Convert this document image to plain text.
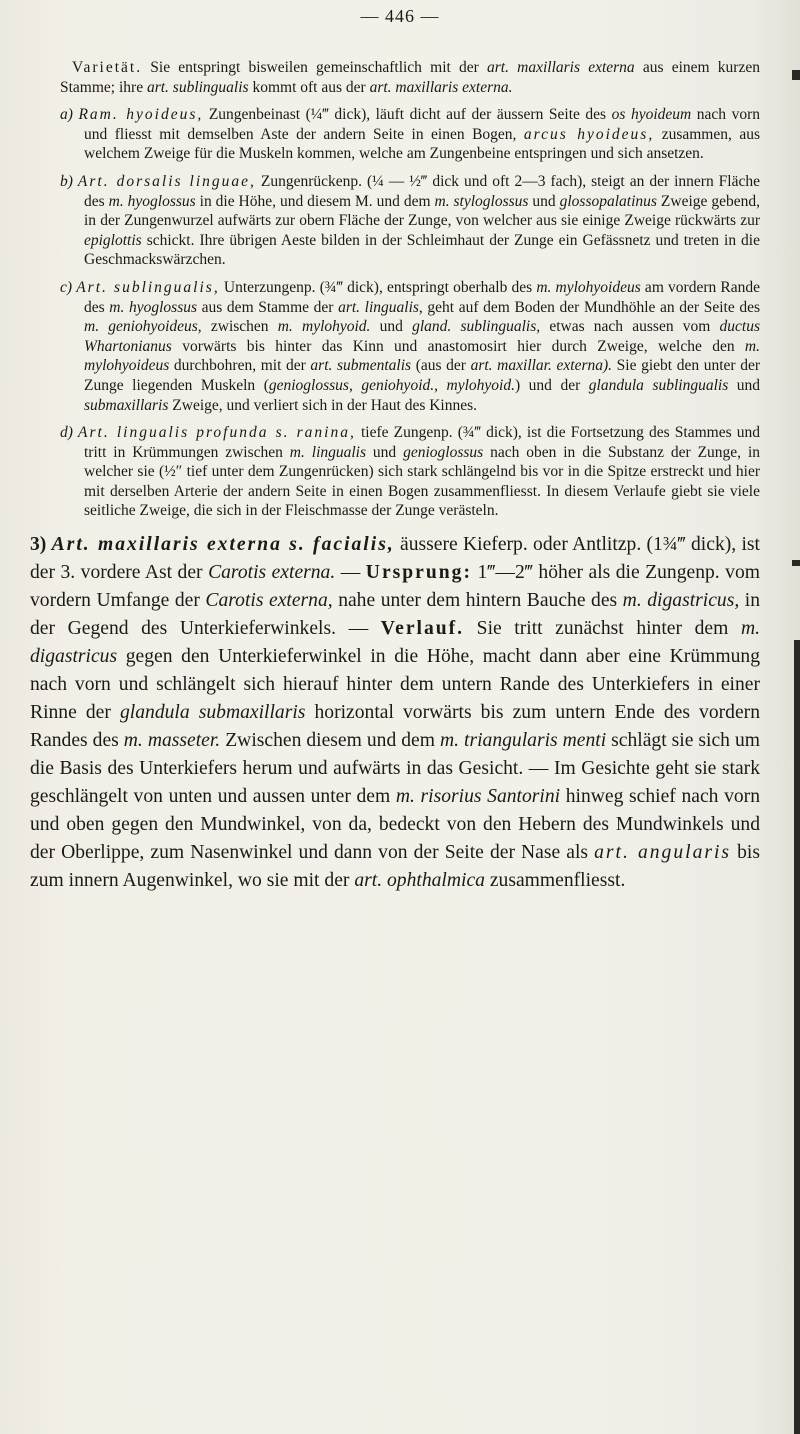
— 446 —

Varietät. Sie entspringt bisweilen gemeinschaftlich mit der art. maxillaris externa aus einem kurzen Stamme; ihre art. sublingualis kommt oft aus der art. maxillaris externa.

a) Ram. hyoideus, Zungenbeinast (¼‴ dick), läuft dicht auf der äussern Seite des os hyoideum nach vorn und fliesst mit demselben Aste der andern Seite in einen Bogen, arcus hyoideus, zusammen, aus welchem Zweige für die Muskeln kommen, welche am Zungenbeine entspringen und sich ansetzen.

b) Art. dorsalis linguae, Zungenrückenp. (¼ — ½‴ dick und oft 2—3 fach), steigt an der innern Fläche des m. hyoglossus in die Höhe, und diesem M. und dem m. styloglossus und glossopalatinus Zweige gebend, in der Zungenwurzel aufwärts zur obern Fläche der Zunge, von welcher aus sie einige Zweige rückwärts zur epiglottis schickt. Ihre übrigen Aeste bilden in der Schleimhaut der Zunge ein Gefässnetz und treten in die Geschmackswärzchen.

c) Art. sublingualis, Unterzungenp. (¾‴ dick), entspringt oberhalb des m. mylohyoideus am vordern Rande des m. hyoglossus aus dem Stamme der art. lingualis, geht auf dem Boden der Mundhöhle an der Seite des m. geniohyoideus, zwischen m. mylohyoid. und gland. sublingualis, etwas nach aussen vom ductus Whartonianus vorwärts bis hinter das Kinn und anastomosirt hier durch Zweige, welche den m. mylohyoideus durchbohren, mit der art. submentalis (aus der art. maxillar. externa). Sie giebt den unter der Zunge liegenden Muskeln (genioglossus, geniohyoid., mylohyoid.) und der glandula sublingualis und submaxillaris Zweige, und verliert sich in der Haut des Kinnes.

d) Art. lingualis profunda s. ranina, tiefe Zungenp. (¾‴ dick), ist die Fortsetzung des Stammes und tritt in Krümmungen zwischen m. lingualis und genioglossus nach oben in die Substanz der Zunge, in welcher sie (½″ tief unter dem Zungenrücken) sich stark schlängelnd bis vor in die Spitze erstreckt und hier mit derselben Arterie der andern Seite in einen Bogen zusammenfliesst. In diesem Verlaufe giebt sie viele seitliche Zweige, die sich in der Fleischmasse der Zunge verästeln.

3) Art. maxillaris externa s. facialis, äussere Kieferp. oder Antlitzp. (1¾‴ dick), ist der 3. vordere Ast der Carotis externa. — Ursprung: 1‴—2‴ höher als die Zungenp. vom vordern Umfange der Carotis externa, nahe unter dem hintern Bauche des m. digastricus, in der Gegend des Unterkieferwinkels. — Verlauf. Sie tritt zunächst hinter dem m. digastricus gegen den Unterkieferwinkel in die Höhe, macht dann aber eine Krümmung nach vorn und schlängelt sich hierauf hinter dem untern Rande des Unterkiefers in einer Rinne der glandula submaxillaris horizontal vorwärts bis zum untern Ende des vordern Randes des m. masseter. Zwischen diesem und dem m. triangularis menti schlägt sie sich um die Basis des Unterkiefers herum und aufwärts in das Gesicht. — Im Gesichte geht sie stark geschlängelt von unten und aussen unter dem m. risorius Santorini hinweg schief nach vorn und oben gegen den Mundwinkel, von da, bedeckt von den Hebern des Mundwinkels und der Oberlippe, zum Nasenwinkel und dann von der Seite der Nase als art. angularis bis zum innern Augenwinkel, wo sie mit der art. ophthalmica zusammenfliesst.
